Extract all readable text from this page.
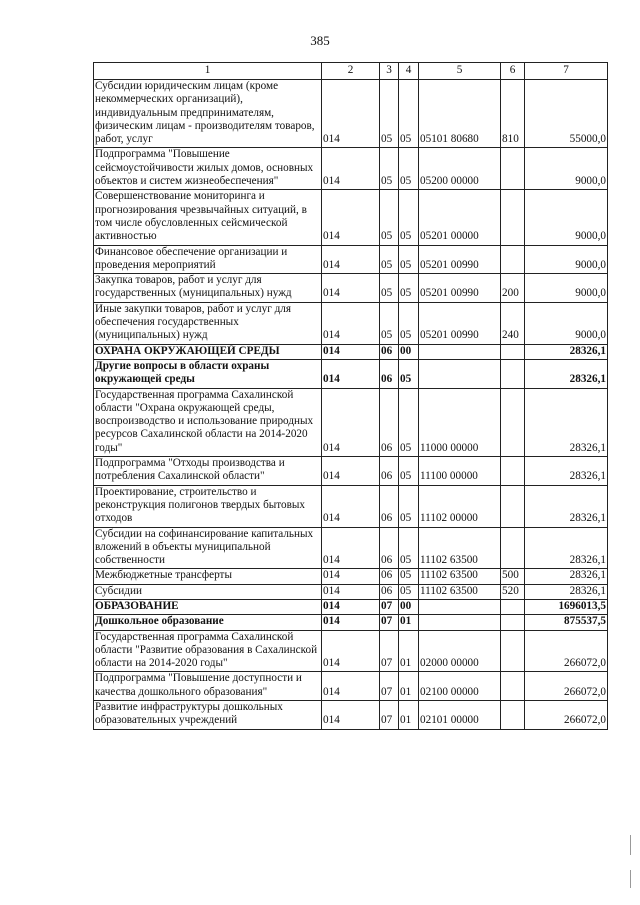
385
1	2	3	4	5	6	7
Субсидии юридическим лицам (кроме некоммерческих организаций), индивидуальным предпринимателям, физическим лицам - производителям товаров, работ, услуг	014	05	05	05101 80680	810	55000,0
Подпрограмма "Повышение сейсмоустойчивости жилых домов, основных объектов и систем жизнеобеспечения"	014	05	05	05200 00000		9000,0
Совершенствование мониторинга и прогнозирования чрезвычайных ситуаций, в том числе обусловленных сейсмической активностью	014	05	05	05201 00000		9000,0
Финансовое обеспечение организации и проведения мероприятий	014	05	05	05201 00990		9000,0
Закупка товаров, работ и услуг для государственных (муниципальных) нужд	014	05	05	05201 00990	200	9000,0
Иные закупки товаров, работ и услуг для обеспечения государственных (муниципальных) нужд	014	05	05	05201 00990	240	9000,0
ОХРАНА ОКРУЖАЮЩЕЙ СРЕДЫ	014	06	00			28326,1
Другие вопросы в области охраны окружающей среды	014	06	05			28326,1
Государственная программа Сахалинской области "Охрана окружающей среды, воспроизводство и использование природных ресурсов Сахалинской области на 2014-2020 годы"	014	06	05	11000 00000		28326,1
Подпрограмма "Отходы производства и потребления Сахалинской области"	014	06	05	11100 00000		28326,1
Проектирование, строительство и реконструкция полигонов твердых бытовых отходов	014	06	05	11102 00000		28326,1
Субсидии на софинансирование капитальных вложений в объекты муниципальной собственности	014	06	05	11102 63500		28326,1
Межбюджетные трансферты	014	06	05	11102 63500	500	28326,1
Субсидии	014	06	05	11102 63500	520	28326,1
ОБРАЗОВАНИЕ	014	07	00			1696013,5
Дошкольное образование	014	07	01			875537,5
Государственная программа Сахалинской области "Развитие образования в Сахалинской области на 2014-2020 годы"	014	07	01	02000 00000		266072,0
Подпрограмма "Повышение доступности и качества дошкольного образования"	014	07	01	02100 00000		266072,0
Развитие инфраструктуры дошкольных образовательных учреждений	014	07	01	02101 00000		266072,0
